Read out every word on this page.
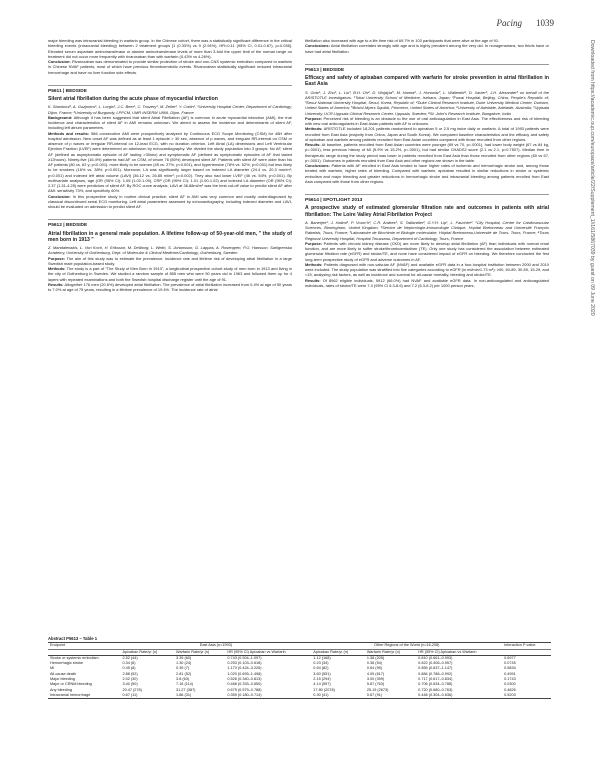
Pacing 1039
Downloaded from https://academic.oup.com/europace/article/22/Supplement_1/i161/5867039 by guest on 09 June 2020

major bleeding was intracranial bleeding in warfarin group. In the Chinese cohort, there was a statistically significant difference in the critical bleeding events (intracranial bleeding) between 2 treatment groups [1 (0.33%) vs 9 (2.94%), HR=0.11 (95% CI, 0.01-0.87), p=0.036]. Elevated serum aspartate aminotransferase or alanine aminotransferase levels of more than 3-fold the upper limit of the normal range on treatment did not occur more frequently with rivaroxaban than with warfarin (0.43% vs 4.26%).

Conclusion: Rivaroxaban was demonstrated to provide similar protection of stroke and non-CNS systemic embolism compared to warfarin in Chinese NVAF patients, most of which have previous thromboembolic events. Rivaroxaban statistically significant reduced intracranial hemorrhage and have no liver function side effects.

P5611 | BEDSIDE
Silent atrial fibrillation during the acute phase of myocardial infarction
K. Stamboul¹, A. Guzjonics¹, L. Lorgis¹, J.C. Beer¹, C. Touzery¹, M. Zeller², Y. Cottin¹. ¹University Hospital Center, Department of Cardiology, Dijon, France; ²University of Burgundy, LPPCM, UMR INSERM U866, Dijon, France

Background: Although it has been suggested that silent Atrial Fibrillation (AF) is common in acute myocardial infarction (AMI), the true incidence and characteristics of silent AF in AMI remains unknown. We aimed to assess the incidence and determinants of silent AF, including left atrium parameters.

Methods and results: 586 consecutive AMI were prospectively analyzed by Continuous ECG Scope Monitoring (CSM) for 48H after hospital admission. New onset AF was defined as at least 1 episode > 30 sec, absence of p waves, and irregular RR-interval on CSM or absence of p waves or irregular RR-interval on 12-lead ECG, with no duration criterion. Left Atrial (LA) dimensions and Left Ventricular Ejection Fraction (LVEF) were determined on admission by echocardiography. We divided the study population into 3 groups: No AF, silent AF (defined as asymptomatic episode of AF lasting >30sec) and symptomatic AF (defined as symptomatic episodes of AF that lasted ≥12hours). Ninety-five (16.4%) patients had AF on CSM, of whom 76 (80%) developed silent AF. Patients with silent AF were older than No AF patients (80 vs. 62 y; p<0.001), more likely to be women (45 vs. 27%, p<0.001), and hypertensive (78% vs. 52%; p<0.001) but less likely to be smokers (16% vs. 38%; p<0.001). Moreover, LA was significantly larger based on indexed LA diameter (24.4 vs. 20.3 mm/m²; p<0.001) and indexed left atrial volume (LAVI) (36.12 vs. 26.85 ml/m²; p=0.002). They also had lower LVEF (46 vs. 54%, p<0.001). By multivariate analyses, age (OR (95% CI): 1.05 (1.02-1.09), CRP (OR (95% CI): 1.01 (1.00-1.02) and indexed LA diameter (OR (95% CI): 2.37 (1.31-4.25) were predictors of silent AF. By ROC curve analysis, LAVI at 36.88ml/m² was the best cut-off value to predict silent AF after AMI: sensitivity 73%, and specificity 60%.

Conclusion: In this prospective study in routine clinical practice, silent AF in AMI was very common and mostly underdiagnosed by classical discontinued serial ECG monitoring. Left atrial parameters assessed by echocardiography, including indexed diameter and LAVI, should be evaluated on admission to predict silent AF.

P5612 | BEDSIDE
Atrial fibrillation in a general male population. A lifetime follow-up of 50-year-old men, " the study of men born in 1913 "
Z. Mandalenakis, L. Von Koch, H. Eriksson, M. Dellborg, L. Welin, S. Johansson, G. Lappas, A. Rosengren, P.O. Hansson. Sahlgrenska Academy, University of Gothenburg, Dept. of Molecular & Clinical Medicine/Cardiology, Gothenburg, Sweden

Purpose: The aim of this study was to estimate the prevalence, incidence rate and lifetime risk of developing atrial fibrillation in a large Swedish male population-based study.

Methods: The study is a part of "The Study of Men Born in 1913", a longitudinal prospective cohort study of men born in 1913 and living in the city of Gothenburg in Sweden. We studied a random sample of 855 men who were 50 years old in 1963 and followed them up for 4 layers with repeated examinations and both the Swedish hospital discharge register until the age of 91.

Results: Altogether 176 men (20.6%) developed atrial fibrillation. The prevalence of atrial fibrillation increased from 0.4% at age of 50 years to 7.0% at age of 75 years, resulting in a lifetime prevalence of 19.4%. The incidence rate of atrial

fibrillation also increased with age to a life time risk of 69.7% in 103 participants that were alive at the age of 91.

Conclusions: Atrial fibrillation correlates strongly with age and is highly prevalent among the very old. In nonagenarians, two thirds have or have had atrial fibrillation.

P5613 | BEDSIDE
Efficacy and safety of apixaban compared with warfarin for stroke prevention in atrial fibrillation in East Asia
S. Goto¹, J. Zhu², L. Liu³, B.H. Oh⁴, D. Wojdyla⁵, M. Hanna⁶, J. Horowitz⁷, L. Wallentin⁸, D. Xavier⁹, J.H. Alexander⁵ on behalf of the ARISTOTLE Investigators. ¹Tokai University School of Medicine, Isehara, Japan; ²Fuwai Hospital, Beijing, China, People's Republic of; ³Seoul National University Hospital, Seoul, Korea, Republic of; ⁴Duke Clinical Research Institute, Duke University Medical Center, Durham, United States of America; ⁵Bristol-Myers Squibb, Princeton, United States of America; ⁶University of Adelaide, Adelaide, Australia; ⁷Uppsala University, UCR-Uppsala Clinical Research Center, Uppsala, Sweden; ⁸St. John's Research Institute, Bangalore, India

Purpose: Perceived risk of bleeding is an obstacle to the use of oral anticoagulation in East Asia. The effectiveness and risk of bleeding with new oral anticoagulants in East Asian patients with AF is unknown.

Methods: ARISTOTLE included 18,201 patients randomized to apixaban 5 or 2.5 mg twice daily or warfarin. A total of 1993 patients were recruited from East Asia (majority from China, Japan and South Korea). We compared baseline characteristics and the efficacy and safety of apixaban and warfarin among patients recruited from East Asian countries compared with those recruited from other regions.

Results: At baseline, patients recruited from East Asian countries were younger (69 vs 70, p=.0001), had lower body weight (67 vs 84 kg, p=.0001), less previous history of MI (5.9% vs 15.2%, p<.0001), but had similar CHADS2 score (2.1 vs 2.1, p=0.7507). Median time in therapeutic range during the study period was lower in patients recruited from East Asia than those recruited from other regions (60 vs 67, p<.0001). Outcomes in patients recruited from East Asia and other regions are shown in the table.

Conclusions: Patients with AF enrolled in East Asia tended to have higher rates of ischemic and hemorrhagic stroke and, among those treated with warfarin, higher rates of bleeding. Compared with warfarin, apixaban resulted in similar reductions in stroke or systemic embolism and major bleeding and greater reductions in hemorrhagic stroke and intracranial bleeding among patients enrolled from East Asia compared with those from other regions.

P5614 | SPOTLIGHT 2013
A prospective study of estimated glomerular filtration rate and outcomes in patients with atrial fibrillation: The Loire Valley Atrial Fibrillation Project
A. Banerjee¹, J. Halimi², P. Vourc'h², C.R. Andres², S. Taillandier², G.Y.H. Lip¹, L. Fauchier². ¹City Hospital, Centre for Cardiovascular Sciences, Birmingham, United Kingdom; ²Service de Nephrologie-Immunologie Clinique, Hopital Bretonneau and Université François Rabelais, Tours, France; ³Laboratoire de Biochimie et Biologie moléculaire, Hôpital Bretonneau,Université de Tours, Tours, France; ⁴Tours Regional University Hospital, Hospital Trousseau, Department of Cardiology, Tours, France

Purpose: Patients with chronic kidney disease (CKD) are more likely to develop atrial fibrillation (AF) than individuals with normal renal function, and are more likely to suffer stroke/thromboembolism (TE). Only one study has considered the association between estimated glomerular filtration rate (eGFR) and stroke/TE, and none have considered impact of eGFR on bleeding. We therefore conducted the first long-term prospective study of eGFR and adverse outcomes in AF.

Methods: Patients diagnosed with non-valvular AF (NVAF) and available eGFR data in a four-hospital institution between 2000 and 2010 were included. The study population was stratified into five categories according to eGFR (in ml/min/1.73 m²): ≥90, 60-89, 30-59, 15-29, and <15, analysing risk factors, as well as incidence and survival for all-cause mortality, bleeding and stroke/TE.

Results: Of 8962 eligible individuals, 5912 (66.0%) had NVAF and available eGFR data. In non-anticoagulated and anticoagulated individuals, rates of stroke/TE were 7.4 (95% CI 6.3-8.6) and 7.2 (6.3-8.2) per 1000 person years,

Abstract P5613 – Table 1
Endpoint	East Asia (n=1993)			Other Regions of the World (n=16,208)			Interaction P value
	Apixaban Rate/yr (n)	Warfarin Rate/yr (n)	HR (95% CI) Apixaban vs Warfarin	Apixaban Rate/yr (n)	Warfarin Rate/yr (n)	HR (95% CI) Apixaban vs Warfarin	
Stroke or systemic embolism	2.52 (44)	3.39 (60)	0.743 (0.504–1.097)	1.12 (168)	1.38 (205)	0.810 (0.661–0.993)	0.6977
Hemorrhagic stroke	0.34 (6)	1.30 (24)	0.253 (0.103–0.618)	0.23 (34)	0.36 (54)	0.622 (0.406–0.957)	0.0745
MI	0.45 (8)	0.39 (7)	1.170 (0.424–3.226)	0.54 (82)	0.64 (95)	0.855 (0.637–1.147)	0.5834
All-cause death	2.88 (52)	2.81 (52)	1.020 (0.693–1.498)	3.60 (551)	4.09 (617)	0.884 (0.788–0.992)	0.4991
Major bleeding	2.02 (30)	3.8 (63)	0.526 (0.340–0.813)	2.15 (294)	3.00 (399)	0.717 (0.617–0.834)	0.1743
Major or CRNM bleeding	3.40 (50)	7.16 (114)	0.466 (0.333–0.650)	4.14 (557)	5.87 (763)	0.706 (0.634–0.788)	0.0300
Any bleeding	20.47 (278)	31.27 (387)	0.675 (0.579–0.788)	17.80 (2078)	25.19 (2673)	0.720 (0.680–0.763)	0.4826
Intracranial hemorrhage	0.67 (11)	1.86 (31)	0.359 (0.180–0.714)	0.30 (41)	0.67 (91)	0.448 (0.304–0.636)	0.5203
